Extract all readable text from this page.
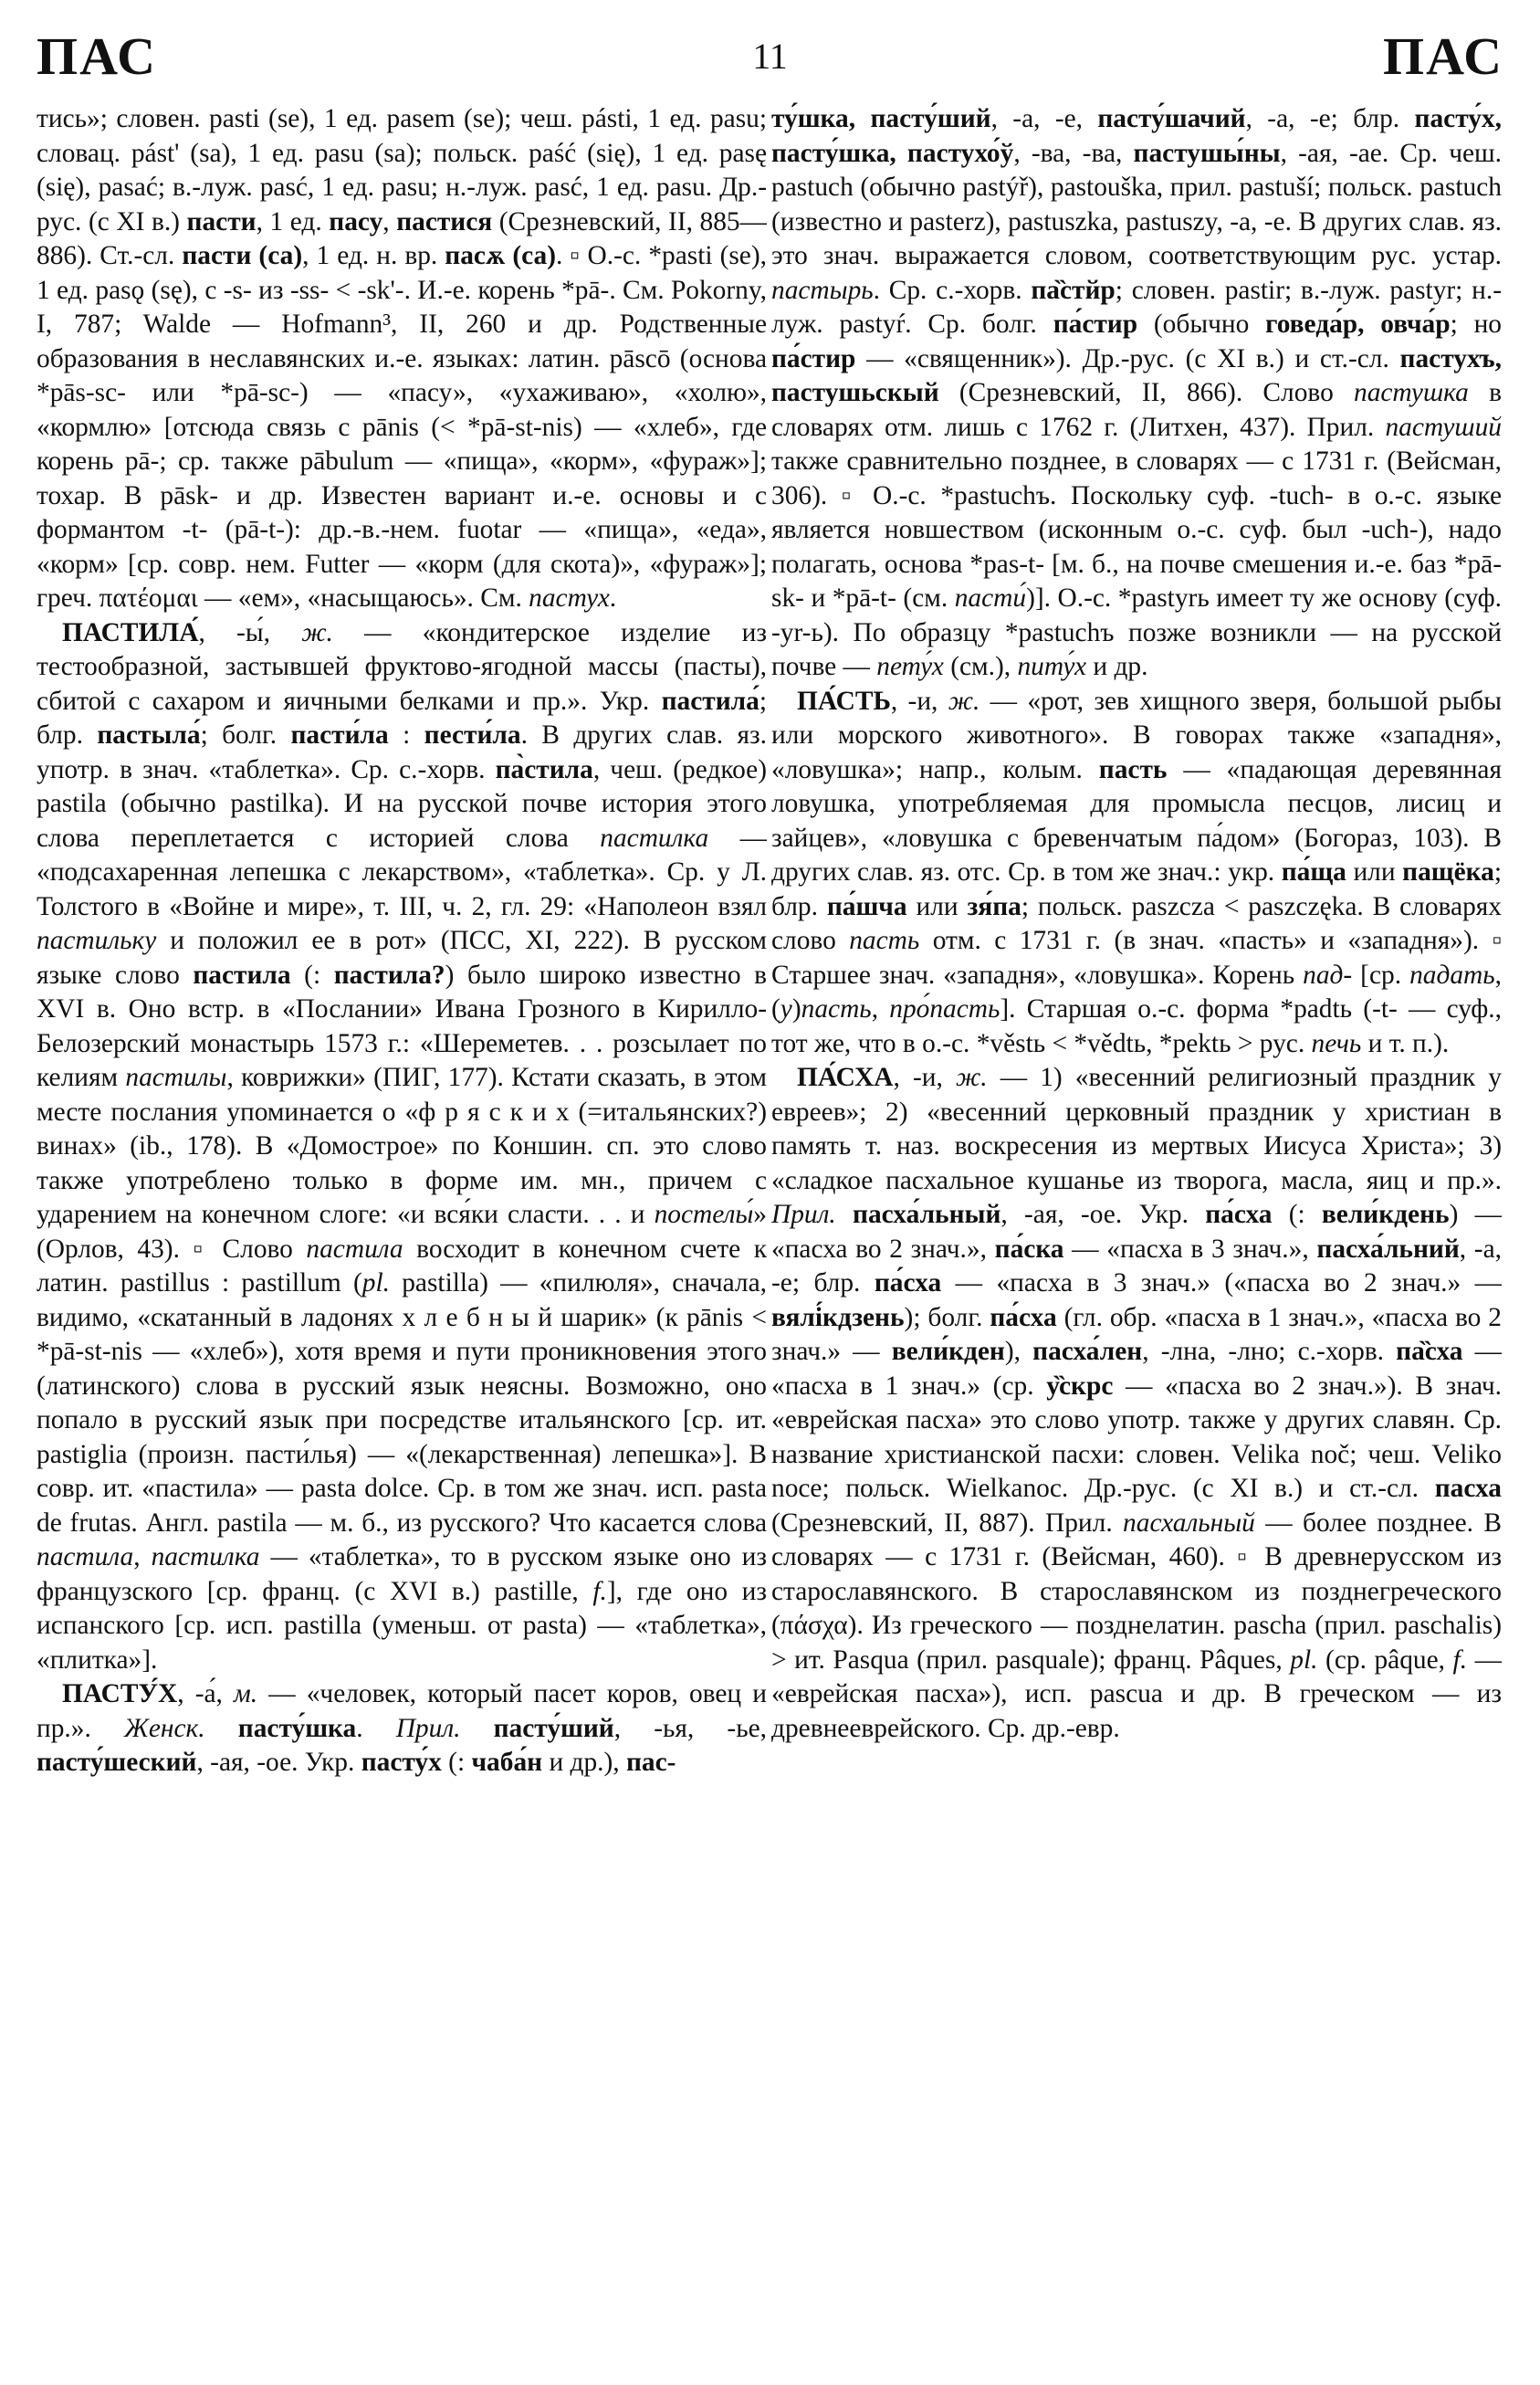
ПАС	11	ПАС

тись»; словен. pasti (se), 1 ед. pasem (se); чеш. pásti, 1 ед. pasu; словац. pást' (sa), 1 ед. pasu (sa); польск. paść (się), 1 ед. pasę (się), pasać; в.-луж. pasć, 1 ед. pasu; н.-луж. pasć, 1 ед. pasu. Др.-рус. (с XI в.) пасти, 1 ед. пасу, пастися (Срезневский, II, 885—886). Ст.-сл. пасти (са), 1 ед. н. вр. пасѫ (са). ▫ О.-с. *pasti (se), 1 ед. pasǫ (sę), с -s- из -ss- < -sk'-. И.-е. корень *pā-. См. Pokorny, I, 787; Walde — Hofmann³, II, 260 и др. Родственные образования в неславянских и.-е. языках: латин. pāscō (основа *pās-sc- или *pā-sc-) — «пасу», «ухаживаю», «холю», «кормлю» [отсюда связь с pānis (< *pā-st-nis) — «хлеб», где корень pā-; ср. также pābulum — «пища», «корм», «фураж»]; тохар. B pāsk- и др. Известен вариант и.-е. основы и с формантом -t- (pā-t-): др.-в.-нем. fuotar — «пища», «еда», «корм» [ср. совр. нем. Futter — «корм (для скота)», «фураж»]; греч. πατέομαι — «ем», «насыщаюсь». См. пастух.

ПАСТИЛА́, -ы́, ж. — «кондитерское изделие из тестообразной, застывшей фруктово-ягодной массы (пасты), сбитой с сахаром и яичными белками и пр.». Укр. пастила́; блр. пастыла́; болг. пасти́ла : пести́ла. В других слав. яз. употр. в знач. «таблетка». Ср. с.-хорв. па̀стила, чеш. (редкое) pastila (обычно pastilka). И на русской почве история этого слова переплетается с историей слова пастилка — «подсахаренная лепешка с лекарством», «таблетка». Ср. у Л. Толстого в «Войне и мире», т. III, ч. 2, гл. 29: «Наполеон взял пастильку и положил ее в рот» (ПСС, XI, 222). В русском языке слово пастила (: пастила?) было широко известно в XVI в. Оно встр. в «Послании» Ивана Грозного в Кирилло-Белозерский монастырь 1573 г.: «Шереметев. . . розсылает по келиям пастилы, коврижки» (ПИГ, 177). Кстати сказать, в этом месте послания упоминается о «ф р я с к и х (=итальянских?) винах» (ib., 178). В «Домострое» по Коншин. сп. это слово также употреблено только в форме им. мн., причем с ударением на конечном слоге: «и вся́ки сласти. . . и постелы́» (Орлов, 43). ▫ Слово пастила восходит в конечном счете к латин. pastillus : pastillum (pl. pastilla) — «пилюля», сначала, видимо, «скатанный в ладонях х л е б н ы й шарик» (к pānis < *pā-st-nis — «хлеб»), хотя время и пути проникновения этого (латинского) слова в русский язык неясны. Возможно, оно попало в русский язык при посредстве итальянского [ср. ит. pastiglia (произн. пасти́лья) — «(лекарственная) лепешка»]. В совр. ит. «пастила» — pasta dolce. Ср. в том же знач. исп. pasta de frutas. Англ. pastila — м. б., из русского? Что касается слова пастила, пастилка — «таблетка», то в русском языке оно из французского [ср. франц. (с XVI в.) pastille, f.], где оно из испанского [ср. исп. pastilla (уменьш. от pasta) — «таблетка», «плитка»].

ПАСТУ́Х, -а́, м. — «человек, который пасет коров, овец и пр.». Женск. пасту́шка. Прил. пасту́ший, -ья, -ье, пасту́шеский, -ая, -ое. Укр. пасту́х (: чаба́н и др.), пас-

ту́шка, пасту́ший, -а, -е, пасту́шачий, -а, -е; блр. пасту́х, пасту́шка, пастухо́ў, -ва, -ва, пастушы́ны, -ая, -ае. Ср. чеш. pastuch (обычно pastýř), pastouška, прил. pastuší; польск. pastuch (известно и pasterz), pastuszka, pastuszy, -а, -е. В других слав. яз. это знач. выражается словом, соответствующим рус. устар. пастырь. Ср. с.-хорв. па̏стйр; словен. pastir; в.-луж. pastyr; н.-луж. pastyŕ. Ср. болг. па́стир (обычно говеда́р, овча́р; но па́стир — «священник»). Др.-рус. (с XI в.) и ст.-сл. пастухъ, пастушьскый (Срезневский, II, 866). Слово пастушка в словарях отм. лишь с 1762 г. (Литхен, 437). Прил. пастуший также сравнительно позднее, в словарях — с 1731 г. (Вейсман, 306). ▫ О.-с. *pastuchъ. Поскольку суф. -tuch- в о.-с. языке является новшеством (исконным о.-с. суф. был -uch-), надо полагать, основа *pas-t- [м. б., на почве смешения и.-е. баз *pā-sk- и *pā-t- (см. пасти́)]. О.-с. *pastyrь имеет ту же основу (суф. -yr-ь). По образцу *pastuchъ позже возникли — на русской почве — пету́х (см.), питу́х и др.

ПА́СТЬ, -и, ж. — «рот, зев хищного зверя, большой рыбы или морского животного». В говорах также «западня», «ловушка»; напр., колым. пасть — «падающая деревянная ловушка, употребляемая для промысла песцов, лисиц и зайцев», «ловушка с бревенчатым па́дом» (Богораз, 103). В других слав. яз. отс. Ср. в том же знач.: укр. па́ща или пащёка; блр. па́шча или зя́па; польск. paszcza < paszczęka. В словарях слово пасть отм. с 1731 г. (в знач. «пасть» и «западня»). ▫ Старшее знач. «западня», «ловушка». Корень пад- [ср. падать, (у)пасть, про́пасть]. Старшая о.-с. форма *padtь (-t- — суф., тот же, что в о.-с. *věstь < *vědtь, *pektь > рус. печь и т. п.).

ПА́СХА, -и, ж. — 1) «весенний религиозный праздник у евреев»; 2) «весенний церковный праздник у христиан в память т. наз. воскресения из мертвых Иисуса Христа»; 3) «сладкое пасхальное кушанье из творога, масла, яиц и пр.». Прил. пасха́льный, -ая, -ое. Укр. па́сха (: вели́кдень) — «пасха во 2 знач.», па́ска — «пасха в 3 знач.», пасха́льний, -а, -е; блр. па́сха — «пасха в 3 знач.» («пасха во 2 знач.» — вялі́кдзень); болг. па́сха (гл. обр. «пасха в 1 знач.», «пасха во 2 знач.» — вели́кден), пасха́лен, -лна, -лно; с.-хорв. па̏сха — «пасха в 1 знач.» (ср. у̏скрс — «пасха во 2 знач.»). В знач. «еврейская пасха» это слово употр. также у других славян. Ср. название христианской пасхи: словен. Velika noč; чеш. Veliko noce; польск. Wielkanoc. Др.-рус. (с XI в.) и ст.-сл. пасха (Срезневский, II, 887). Прил. пасхальный — более позднее. В словарях — с 1731 г. (Вейсман, 460). ▫ В древнерусском из старославянского. В старославянском из позднегреческого (πάσχα). Из греческого — позднелатин. pascha (прил. paschalis) > ит. Pasqua (прил. pasquale); франц. Pâques, pl. (ср. pâque, f. — «еврейская пасха»), исп. pascua и др. В греческом — из древнееврейского. Ср. др.-евр.
